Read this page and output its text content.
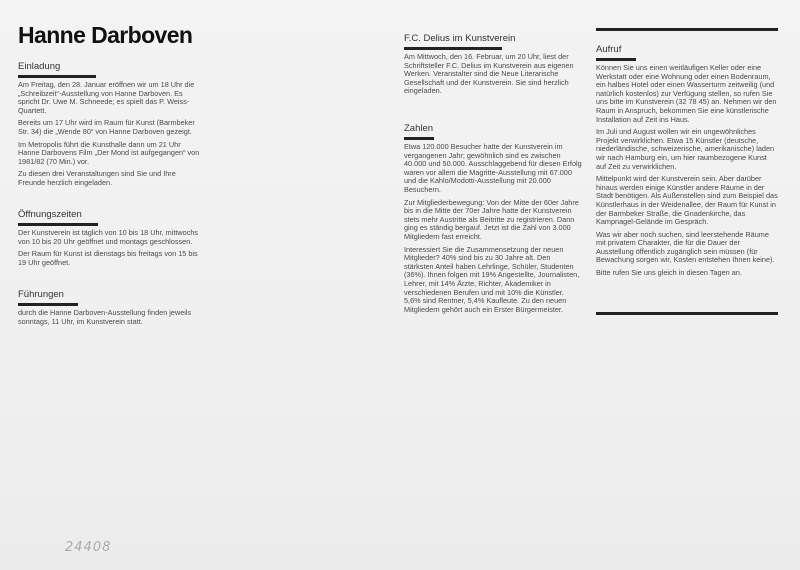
Hanne Darboven
Einladung

Am Freitag, den 28. Januar eröffnen wir um 18 Uhr die „Schreibzeit“-Ausstellung von Hanne Darboven. Es spricht Dr. Uwe M. Schneede; es spielt das P. Weiss-Quartett.

Bereits um 17 Uhr wird im Raum für Kunst (Barmbeker Str. 34) die „Wende 80“ von Hanne Darboven gezeigt.

Im Metropolis führt die Kunsthalle dann um 21 Uhr Hanne Darbovens Film „Der Mond ist aufgegangen“ von 1981/82 (70 Min.) vor.

Zu diesen drei Veranstaltungen sind Sie und Ihre Freunde herzlich eingeladen.

Öffnungszeiten

Der Kunstverein ist täglich von 10 bis 18 Uhr, mittwochs von 10 bis 20 Uhr geöffnet und montags geschlossen.

Der Raum für Kunst ist dienstags bis freitags von 15 bis 19 Uhr geöffnet.

Führungen

durch die Hanne Darboven-Ausstellung finden jeweils sonntags, 11 Uhr, im Kunstverein statt.

F.C. Delius im Kunstverein

Am Mittwoch, den 16. Februar, um 20 Uhr, liest der Schriftsteller F.C. Delius im Kunstverein aus eigenen Werken. Veranstalter sind die Neue Literarische Gesellschaft und der Kunstverein. Sie sind herzlich eingeladen.

Zahlen

Etwa 120.000 Besucher hatte der Kunstverein im vergangenen Jahr; gewöhnlich sind es zwischen 40.000 und 50.000. Ausschlaggebend für diesen Erfolg waren vor allem die Magritte-Ausstellung mit 67.000 und die Kahlo/Modotti-Ausstellung mit 20.000 Besuchern.

Zur Mitgliederbewegung: Von der Mitte der 60er Jahre bis in die Mitte der 70er Jahre hatte der Kunstverein stets mehr Austritte als Beitritte zu registrieren. Dann ging es ständig bergauf. Jetzt ist die Zahl von 3.000 Mitgliedern fast erreicht.

Interessiert Sie die Zusammensetzung der neuen Mitglieder? 40% sind bis zu 30 Jahre alt. Den stärksten Anteil haben Lehrlinge, Schüler, Studenten (36%). Ihnen folgen mit 19% Angestellte, Journalisten, Lehrer, mit 14% Ärzte, Richter, Akademiker in verschiedenen Berufen und mit 10% die Künstler. 5,6% sind Rentner, 5,4% Kaufleute. Zu den neuen Mitgliedern gehört auch ein Erster Bürgermeister.

Aufruf

Können Sie uns einen weitläufigen Keller oder eine Werkstatt oder eine Wohnung oder einen Bodenraum, ein halbes Hotel oder einen Wasserturm zeitweilig (und natürlich kostenlos) zur Verfügung stellen, so rufen Sie uns bitte im Kunstverein (32 78 45) an. Nehmen wir den Raum in Anspruch, bekommen Sie eine künstlerische Installation auf Zeit ins Haus.

Im Juli und August wollen wir ein ungewöhnliches Projekt verwirklichen. Etwa 15 Künstler (deutsche, niederländische, schweizerische, amerikanische) laden wir nach Hamburg ein, um hier raumbezogene Kunst auf Zeit zu verwirklichen.

Mittelpunkt wird der Kunstverein sein. Aber darüber hinaus werden einige Künstler andere Räume in der Stadt benötigen. Als Außenstellen sind zum Beispiel das Künstlerhaus in der Weidenallee, der Raum für Kunst in der Barmbeker Straße, die Gnadenkirche, das Kampnagel-Gelände im Gespräch.

Was wir aber noch suchen, sind leerstehende Räume mit privatem Charakter, die für die Dauer der Ausstellung öffentlich zugänglich sein müssen (für Bewachung sorgen wir, Kosten entstehen Ihnen keine).

Bitte rufen Sie uns gleich in diesen Tagen an.

24408
